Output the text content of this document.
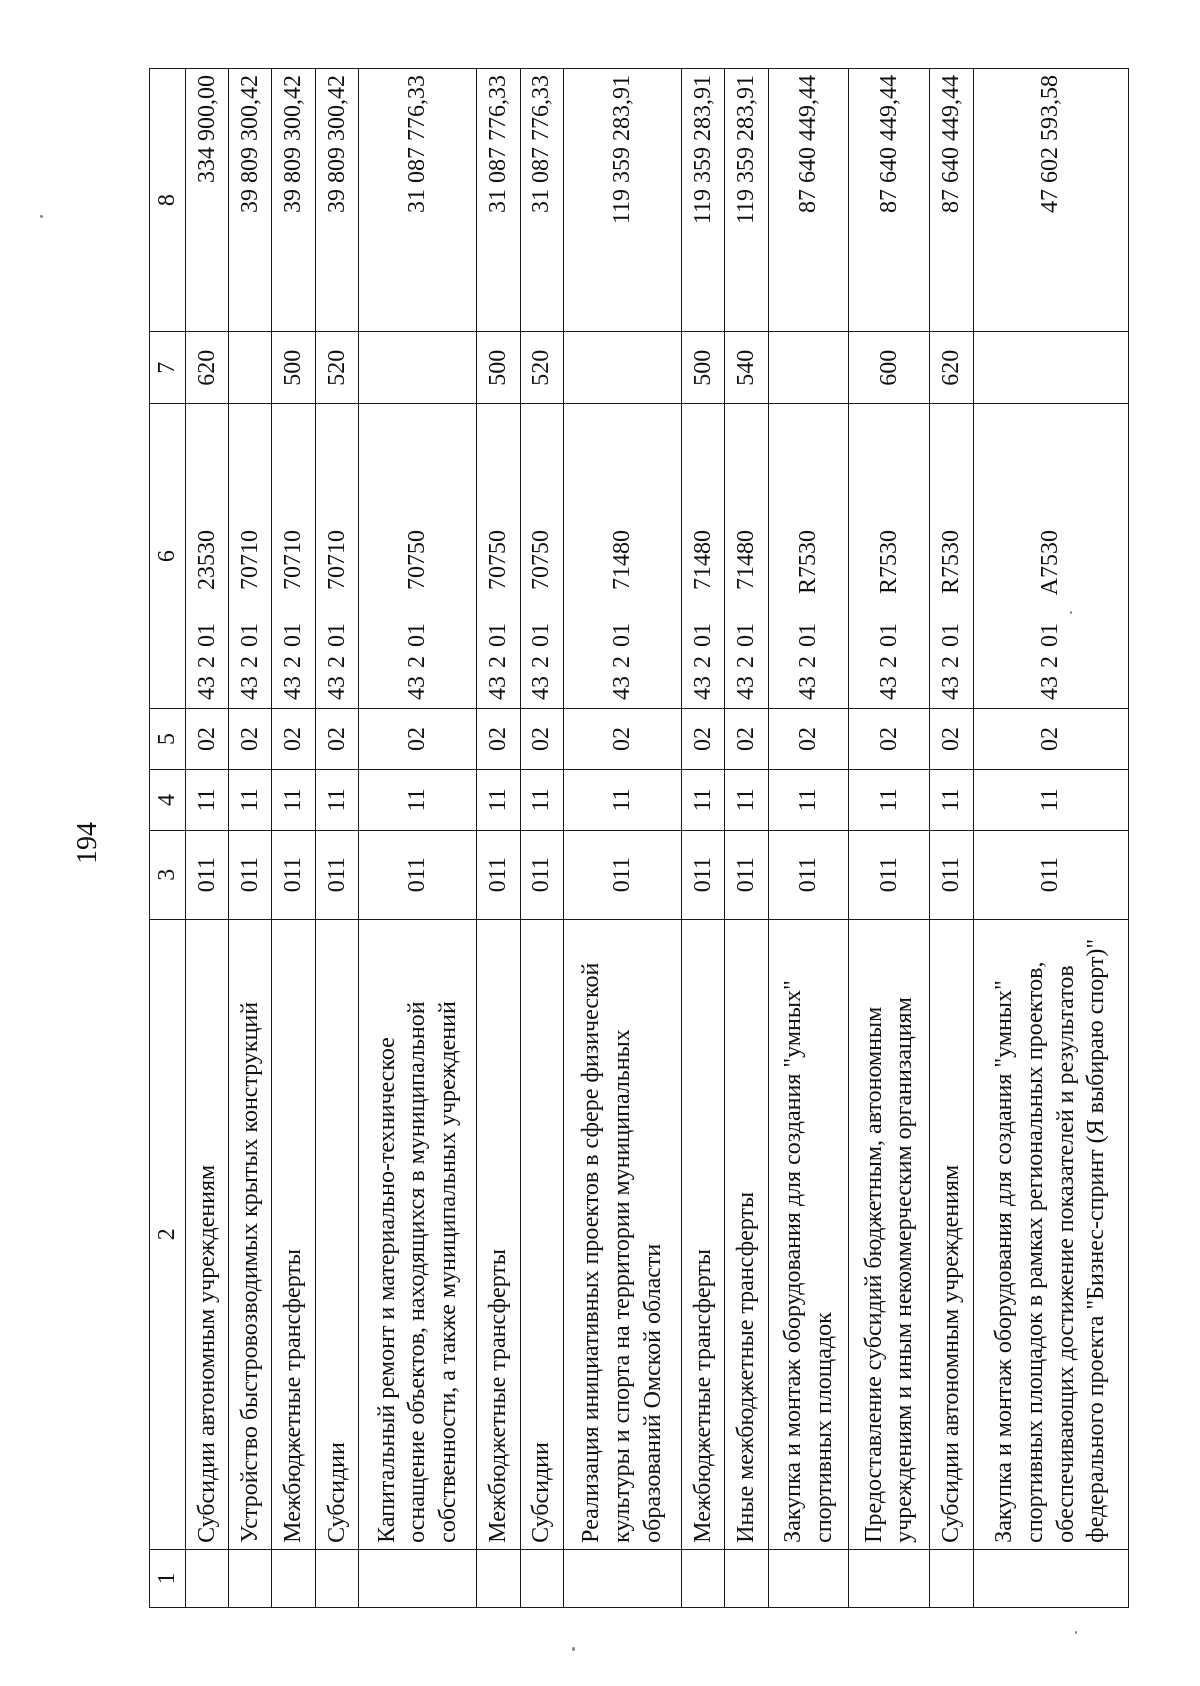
194
1	2	3	4	5	6	7	8
	Субсидии автономным учреждениям	011	11	02	4320123530	620	334 900,00
	Устройство быстровозводимых крытых конструкций	011	11	02	4320170710		39 809 300,42
	Межбюджетные трансферты	011	11	02	4320170710	500	39 809 300,42
	Субсидии	011	11	02	4320170710	520	39 809 300,42
	Капитальный ремонт и материально-техническое оснащение объектов, находящихся в муниципальной собственности, а также муниципальных учреждений	011	11	02	4320170750		31 087 776,33
	Межбюджетные трансферты	011	11	02	4320170750	500	31 087 776,33
	Субсидии	011	11	02	4320170750	520	31 087 776,33
	Реализация инициативных проектов в сфере физической культуры и спорта на территории муниципальных образований Омской области	011	11	02	4320171480		119 359 283,91
	Межбюджетные трансферты	011	11	02	4320171480	500	119 359 283,91
	Иные межбюджетные трансферты	011	11	02	4320171480	540	119 359 283,91
	Закупка и монтаж оборудования для создания "умных" спортивных площадок	011	11	02	43201R7530		87 640 449,44
	Предоставление субсидий бюджетным, автономным учреждениям и иным некоммерческим организациям	011	11	02	43201R7530	600	87 640 449,44
	Субсидии автономным учреждениям	011	11	02	43201R7530	620	87 640 449,44
	Закупка и монтаж оборудования для создания "умных" спортивных площадок в рамках региональных проектов, обеспечивающих достижение показателей и результатов федерального проекта "Бизнес-спринт (Я выбираю спорт)"	011	11	02	43201A7530		47 602 593,58
